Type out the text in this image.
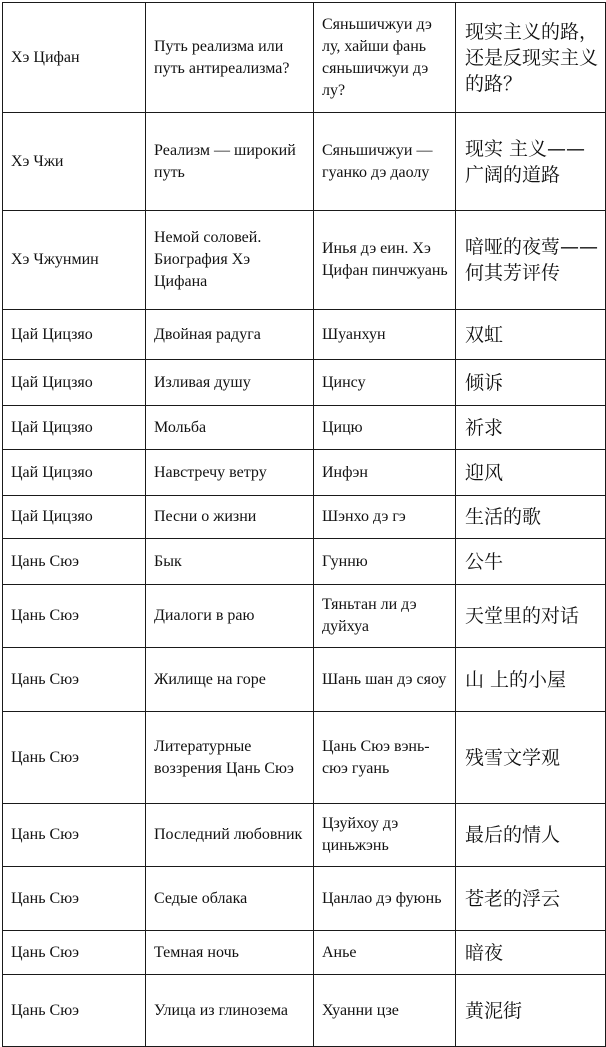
Хэ Цифан	Путь реализма или путь антиреализма?	Сяньшичжуи дэ лу, хайши фань сяньшичжуи дэ лу?	现实主义的路，还是反现实主义的路？
Хэ Чжи	Реализм — широкий путь	Сяньшичжуи — гуанко дэ даолу	现实 主义——广阔的道路
Хэ Чжунмин	Немой соловей. Биография Хэ Цифана	Инья дэ еин. Хэ Цифан пинчжуань	喑哑的夜莺——何其芳评传
Цай Цицзяо	Двойная радуга	Шуанхун	双虹
Цай Цицзяо	Изливая душу	Цинсу	倾诉
Цай Цицзяо	Мольба	Цицю	祈求
Цай Цицзяо	Навстречу ветру	Инфэн	迎风
Цай Цицзяо	Песни о жизни	Шэнхо дэ гэ	生活的歌
Цань Сюэ	Бык	Гунню	公牛
Цань Сюэ	Диалоги в раю	Тяньтан ли дэ дуйхуа	天堂里的对话
Цань Сюэ	Жилище на горе	Шань шан дэ сяоу	山 上的小屋
Цань Сюэ	Литературные воззрения Цань Сюэ	Цань Сюэ вэньсюэ гуань	残雪文学观
Цань Сюэ	Последний любовник	Цзуйхоу дэ циньжэнь	最后的情人
Цань Сюэ	Седые облака	Цанлао дэ фуюнь	苍老的浮云
Цань Сюэ	Темная ночь	Анье	暗夜
Цань Сюэ	Улица из глинозема	Хуанни цзе	黄泥街
